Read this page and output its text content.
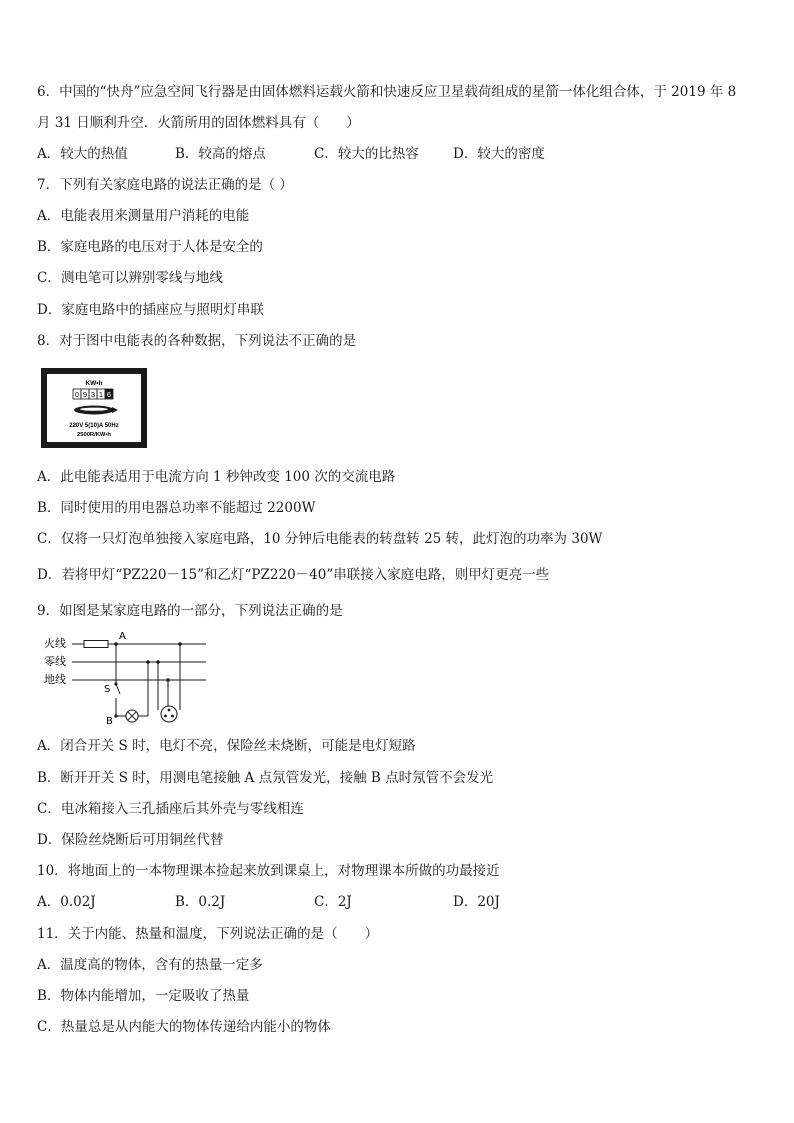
6．中国的“快舟”应急空间飞行器是由固体燃料运载火箭和快速反应卫星载荷组成的星箭一体化组合体，于 2019 年 8
月 31 日顺利升空．火箭所用的固体燃料具有（　　）
A．较大的热值	B．较高的熔点	C．较大的比热容	D．较大的密度
7．下列有关家庭电路的说法正确的是（ ）
A．电能表用来测量用户消耗的电能
B．家庭电路的电压对于人体是安全的
C．测电笔可以辨别零线与地线
D．家庭电路中的插座应与照明灯串联
8．对于图中电能表的各种数据，下列说法不正确的是
KW•h
0 9 3 1 6
220V 5(10)A 50Hz
2500R/KW•h
A．此电能表适用于电流方向 1 秒钟改变 100 次的交流电路
B．同时使用的用电器总功率不能超过 2200W
C．仅将一只灯泡单独接入家庭电路，10 分钟后电能表的转盘转 25 转，此灯泡的功率为 30W
D．若将甲灯“PZ220－15”和乙灯“PZ220－40”串联接入家庭电路，则甲灯更亮一些
9．如图是某家庭电路的一部分，下列说法正确的是
火线
零线
地线
A
S
B
A．闭合开关 S 时，电灯不亮，保险丝未烧断，可能是电灯短路
B．断开开关 S 时，用测电笔接触 A 点氖管发光，接触 B 点时氖管不会发光
C．电冰箱接入三孔插座后其外壳与零线相连
D．保险丝烧断后可用铜丝代替
10．将地面上的一本物理课本捡起来放到课桌上，对物理课本所做的功最接近
A．0.02J	B．0.2J	C．2J	D．20J
11．关于内能、热量和温度，下列说法正确的是（　　）
A．温度高的物体，含有的热量一定多
B．物体内能增加，一定吸收了热量
C．热量总是从内能大的物体传递给内能小的物体
